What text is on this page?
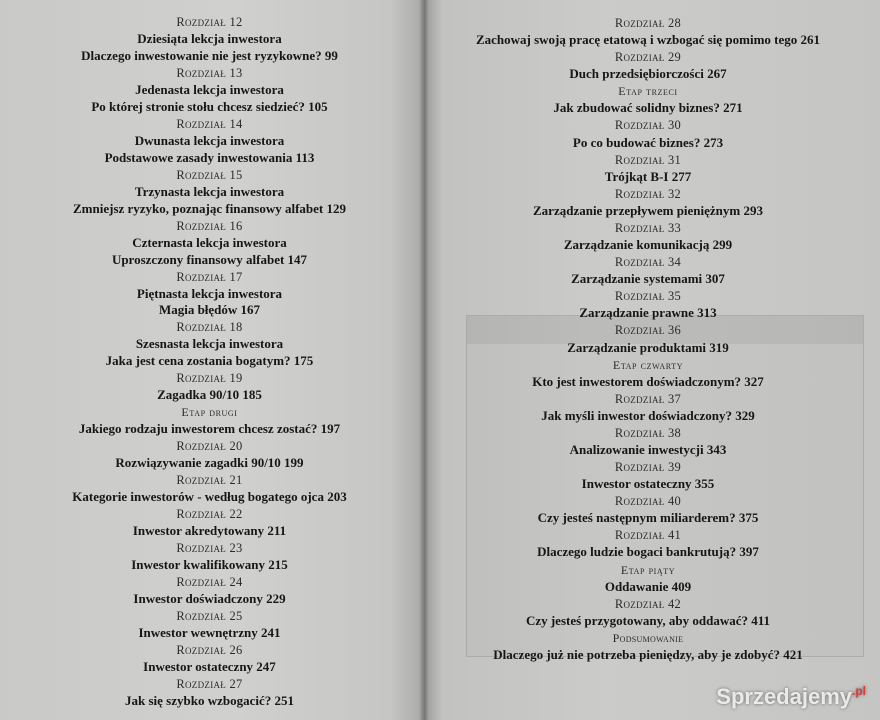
Rozdział 12
Dziesiąta lekcja inwestora
Dlaczego inwestowanie nie jest ryzykowne? 99
Rozdział 13
Jedenasta lekcja inwestora
Po której stronie stołu chcesz siedzieć? 105
Rozdział 14
Dwunasta lekcja inwestora
Podstawowe zasady inwestowania 113
Rozdział 15
Trzynasta lekcja inwestora
Zmniejsz ryzyko, poznając finansowy alfabet 129
Rozdział 16
Czternasta lekcja inwestora
Uproszczony finansowy alfabet 147
Rozdział 17
Piętnasta lekcja inwestora
Magia błędów 167
Rozdział 18
Szesnasta lekcja inwestora
Jaka jest cena zostania bogatym? 175
Rozdział 19
Zagadka 90/10 185
Etap drugi
Jakiego rodzaju inwestorem chcesz zostać? 197
Rozdział 20
Rozwiązywanie zagadki 90/10 199
Rozdział 21
Kategorie inwestorów - według bogatego ojca 203
Rozdział 22
Inwestor akredytowany 211
Rozdział 23
Inwestor kwalifikowany 215
Rozdział 24
Inwestor doświadczony 229
Rozdział 25
Inwestor wewnętrzny 241
Rozdział 26
Inwestor ostateczny 247
Rozdział 27
Jak się szybko wzbogacić? 251
Rozdział 28
Zachowaj swoją pracę etatową i wzbogać się pomimo tego 261
Rozdział 29
Duch przedsiębiorczości 267
Etap trzeci
Jak zbudować solidny biznes? 271
Rozdział 30
Po co budować biznes? 273
Rozdział 31
Trójkąt B-I 277
Rozdział 32
Zarządzanie przepływem pieniężnym 293
Rozdział 33
Zarządzanie komunikacją 299
Rozdział 34
Zarządzanie systemami 307
Rozdział 35
Zarządzanie prawne 313
Rozdział 36
Zarządzanie produktami 319
Etap czwarty
Kto jest inwestorem doświadczonym? 327
Rozdział 37
Jak myśli inwestor doświadczony? 329
Rozdział 38
Analizowanie inwestycji 343
Rozdział 39
Inwestor ostateczny 355
Rozdział 40
Czy jesteś następnym miliarderem? 375
Rozdział 41
Dlaczego ludzie bogaci bankrutują? 397
Etap piąty
Oddawanie 409
Rozdział 42
Czy jesteś przygotowany, aby oddawać? 411
Podsumowanie
Dlaczego już nie potrzeba pieniędzy, aby je zdobyć? 421
Sprzedajemy$^{.pl}$
